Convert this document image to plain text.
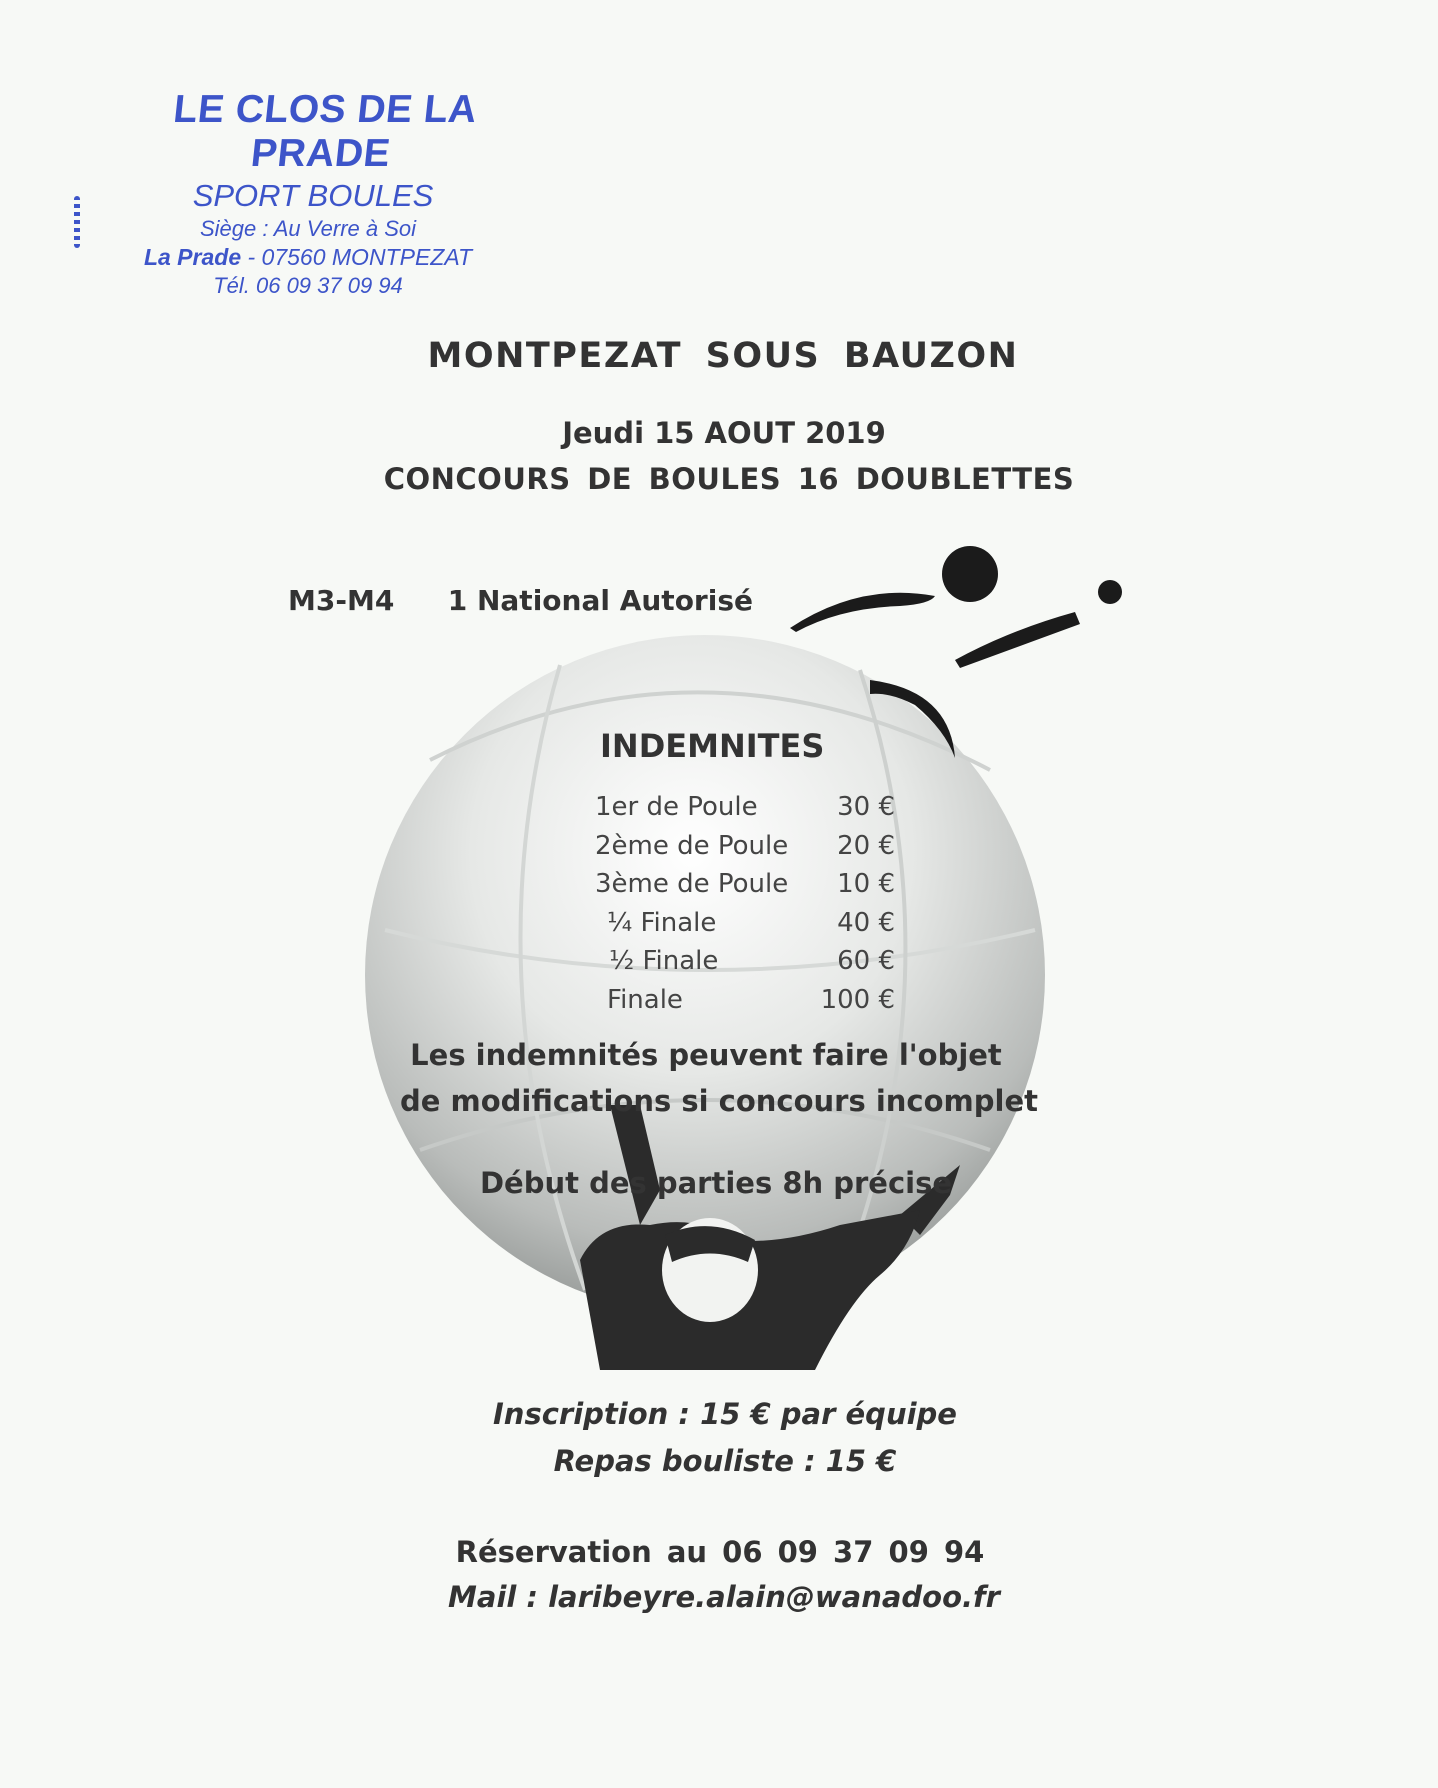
LE CLOS DE LA PRADE
SPORT BOULES
Siège : Au Verre à Soi
La Prade - 07560 MONTPEZAT
Tél. 06 09 37 09 94
MONTPEZAT SOUS BAUZON
Jeudi 15 AOUT 2019
CONCOURS DE BOULES 16 DOUBLETTES
M3-M4 1 National Autorisé
INDEMNITES
1er de Poule	30 €
2ème de Poule 20 €
3ème de Poule 10 €
¼ Finale	40 €
½ Finale	60 €
Finale	100 €
Les indemnités peuvent faire l'objet
de modifications si concours incomplet
Début des parties 8h précise
Inscription : 15 € par équipe
Repas bouliste : 15 €
Réservation au 06 09 37 09 94
Mail : laribeyre.alain@wanadoo.fr
